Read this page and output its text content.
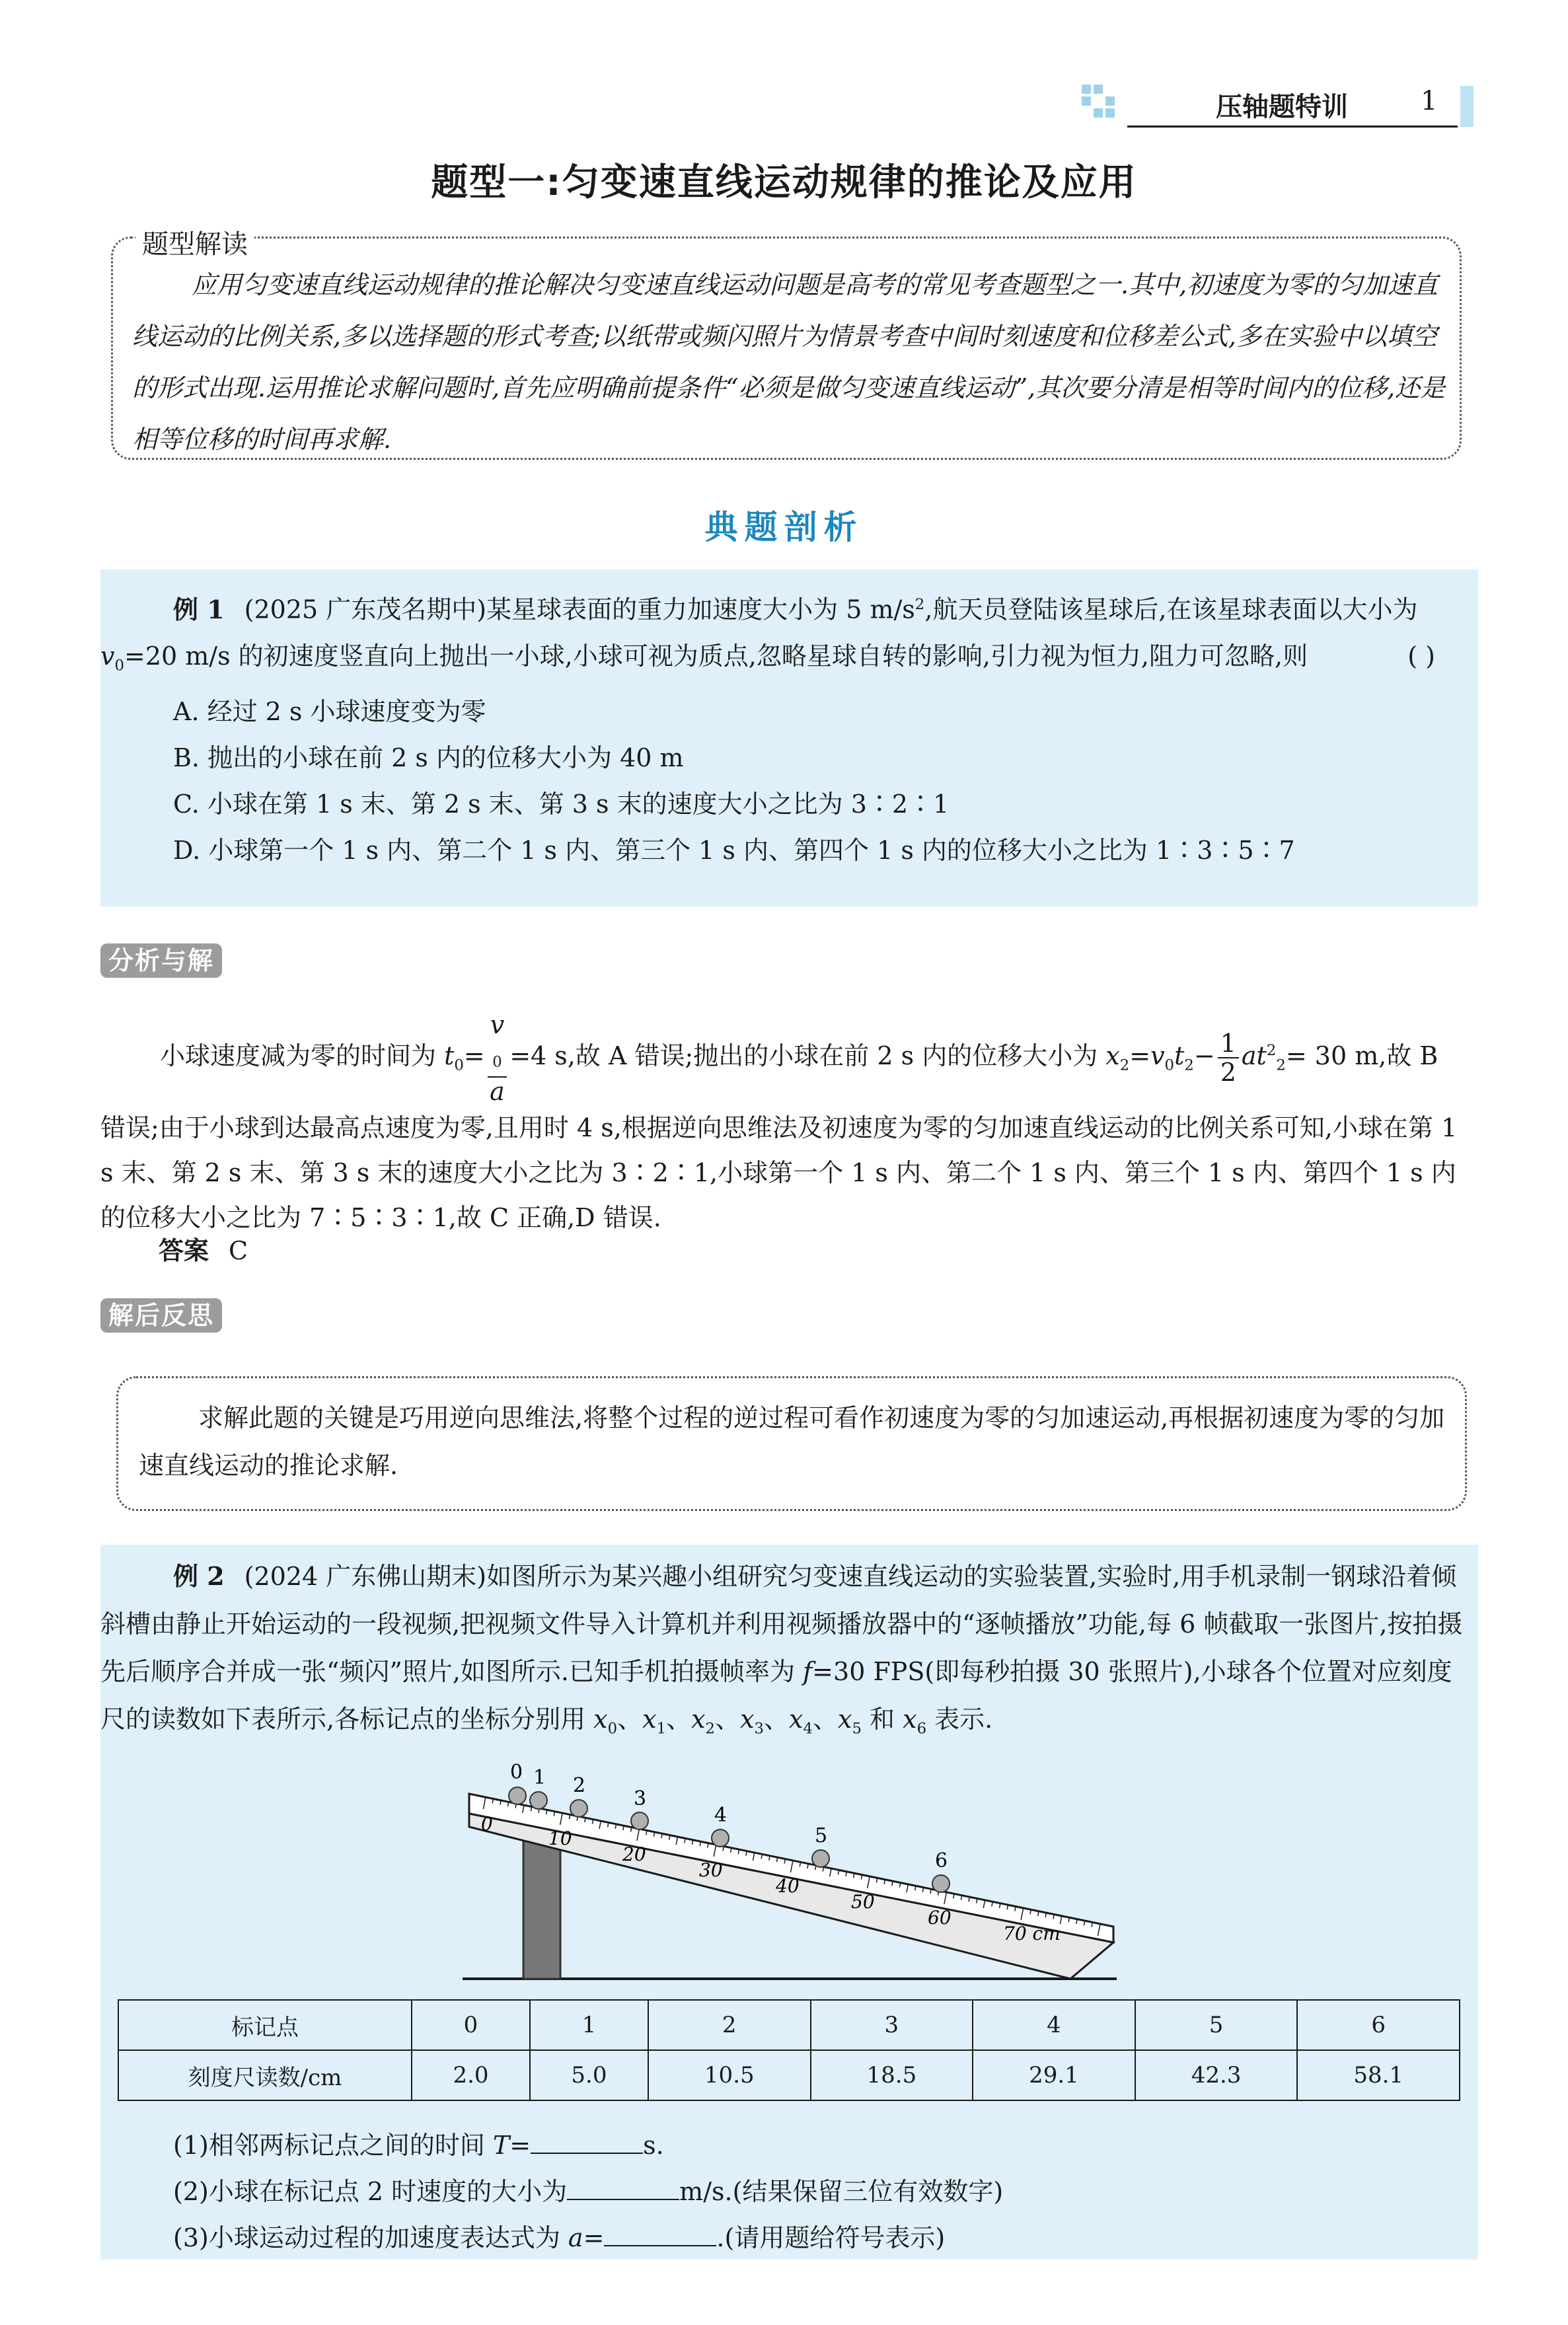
压轴题特训	1
题型一:匀变速直线运动规律的推论及应用
题型解读
应用匀变速直线运动规律的推论解决匀变速直线运动问题是高考的常见考查题型之一.其中,初速度为零的匀加速直线运动的比例关系,多以选择题的形式考查;以纸带或频闪照片为情景考查中间时刻速度和位移差公式,多在实验中以填空的形式出现.运用推论求解问题时,首先应明确前提条件“必须是做匀变速直线运动”,其次要分清是相等时间内的位移,还是相等位移的时间再求解.
典题剖析
例 1 (2025 广东茂名期中)某星球表面的重力加速度大小为 5 $m/s^2$,航天员登陆该星球后,在该星球表面以大小为 $v_0=20$ m/s 的初速度竖直向上抛出一小球,小球可视为质点,忽略星球自转的影响,引力视为恒力,阻力可忽略,则	( )
A. 经过 2 s 小球速度变为零
B. 抛出的小球在前 2 s 内的位移大小为 40 m
C. 小球在第 1 s 末、第 2 s 末、第 3 s 末的速度大小之比为 3∶2∶1
D. 小球第一个 1 s 内、第二个 1 s 内、第三个 1 s 内、第四个 1 s 内的位移大小之比为 1∶3∶5∶7
分析与解
小球速度减为零的时间为 $t_0= v$
$_0$
a =4 s,故 A 错误;抛出的小球在前 2 s 内的位移大小为 $x_2=v_0t_2- \frac{1}{2} at^2_2= 30$ m,故 B 错误;由于小球到达最高点速度为零,且用时 4 s,根据逆向思维法及初速度为零的匀加速直线运动的比例关系可知,小球在第 1 s 末、第 2 s 末、第 3 s 末的速度大小之比为 3∶2∶1,小球第一个 1 s 内、第二个 1 s 内、第三个 1 s 内、第四个 1 s 内的位移大小之比为 7∶5∶3∶1,故 C 正确,D 错误.
答案 C
解后反思
求解此题的关键是巧用逆向思维法,将整个过程的逆过程可看作初速度为零的匀加速运动,再根据初速度为零的匀加速直线运动的推论求解.
例 2 (2024 广东佛山期末)如图所示为某兴趣小组研究匀变速直线运动的实验装置,实验时,用手机录制一钢球沿着倾斜槽由静止开始运动的一段视频,把视频文件导入计算机并利用视频播放器中的“逐帧播放”功能,每 6 帧截取一张图片,按拍摄先后顺序合并成一张“频闪”照片,如图所示.已知手机拍摄帧率为 f=30 FPS(即每秒拍摄 30 张照片),小球各个位置对应刻度尺的读数如下表所示,各标记点的坐标分别用 $x_0$、$x_1$、$x_2$、$x_3$、$x_4$、$x_5$ 和 $x_6$ 表示.
0
10
20
30
40
50
60
70 cm
0 1 2
3
4
5
6
标记点	0	1	2	3	4	5	6
刻度尺读数/cm	2.0	5.0	10.5	18.5	29.1	42.3	58.1
(1)相邻两标记点之间的时间 T=	s.
(2)小球在标记点 2 时速度的大小为	m/s.(结果保留三位有效数字)
(3)小球运动过程的加速度表达式为 a=	.(请用题给符号表示)
